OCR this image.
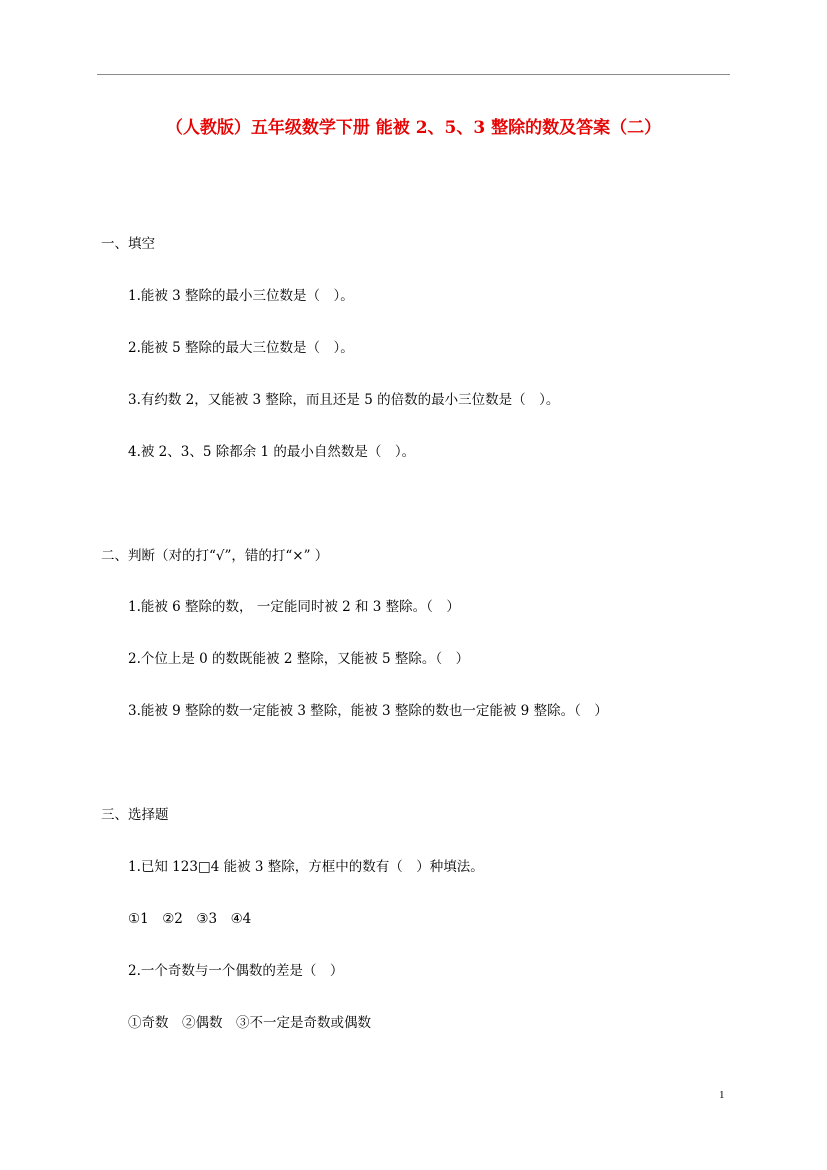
（人教版）五年级数学下册 能被 2、5、3 整除的数及答案（二）
一、填空
1.能被 3 整除的最小三位数是（　）。
2.能被 5 整除的最大三位数是（　）。
3.有约数 2，又能被 3 整除，而且还是 5 的倍数的最小三位数是（　）。
4.被 2、3、5 除都余 1 的最小自然数是（　）。
二、判断（对的打“√”，错的打“×” ）
1.能被 6 整除的数， 一定能同时被 2 和 3 整除。（　）
2.个位上是 0 的数既能被 2 整除，又能被 5 整除。（　）
3.能被 9 整除的数一定能被 3 整除，能被 3 整除的数也一定能被 9 整除。（　）
三、选择题
1.已知 123□4 能被 3 整除，方框中的数有（　）种填法。
①1　②2　③3　④4
2.一个奇数与一个偶数的差是（　）
①奇数　②偶数　③不一定是奇数或偶数
1
